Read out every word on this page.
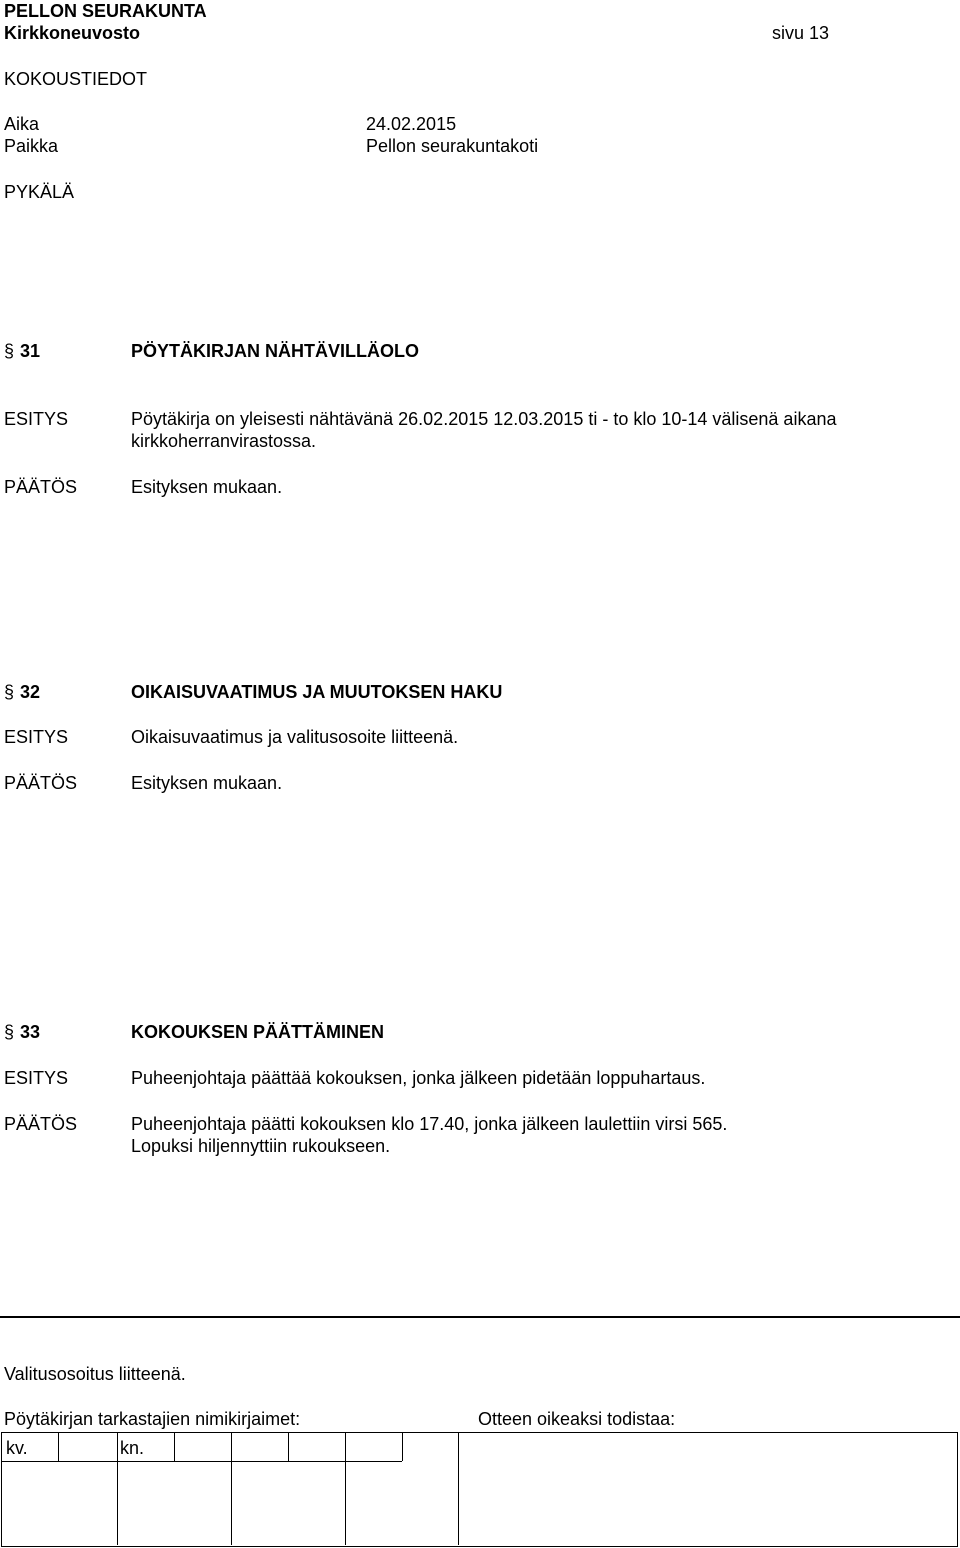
PELLON SEURAKUNTA
Kirkkoneuvosto	sivu 13
KOKOUSTIEDOT
Aika	24.02.2015
Paikka	Pellon seurakuntakoti
PYKÄLÄ
§ 31	PÖYTÄKIRJAN NÄHTÄVILLÄOLO
ESITYS	Pöytäkirja on yleisesti nähtävänä 26.02.2015 12.03.2015 ti - to klo 10-14 välisenä aikana
kirkkoherranvirastossa.
PÄÄTÖS	Esityksen mukaan.
§ 32	OIKAISUVAATIMUS JA MUUTOKSEN HAKU
ESITYS	Oikaisuvaatimus ja valitusosoite liitteenä.
PÄÄTÖS	Esityksen mukaan.
§ 33	KOKOUKSEN PÄÄTTÄMINEN
ESITYS	Puheenjohtaja päättää kokouksen, jonka jälkeen pidetään loppuhartaus.
PÄÄTÖS	Puheenjohtaja päätti kokouksen klo 17.40, jonka jälkeen laulettiin virsi 565.
Lopuksi hiljennyttiin rukoukseen.
Valitusosoitus liitteenä.
Pöytäkirjan tarkastajien nimikirjaimet:	Otteen oikeaksi todistaa:
kv.	kn.
